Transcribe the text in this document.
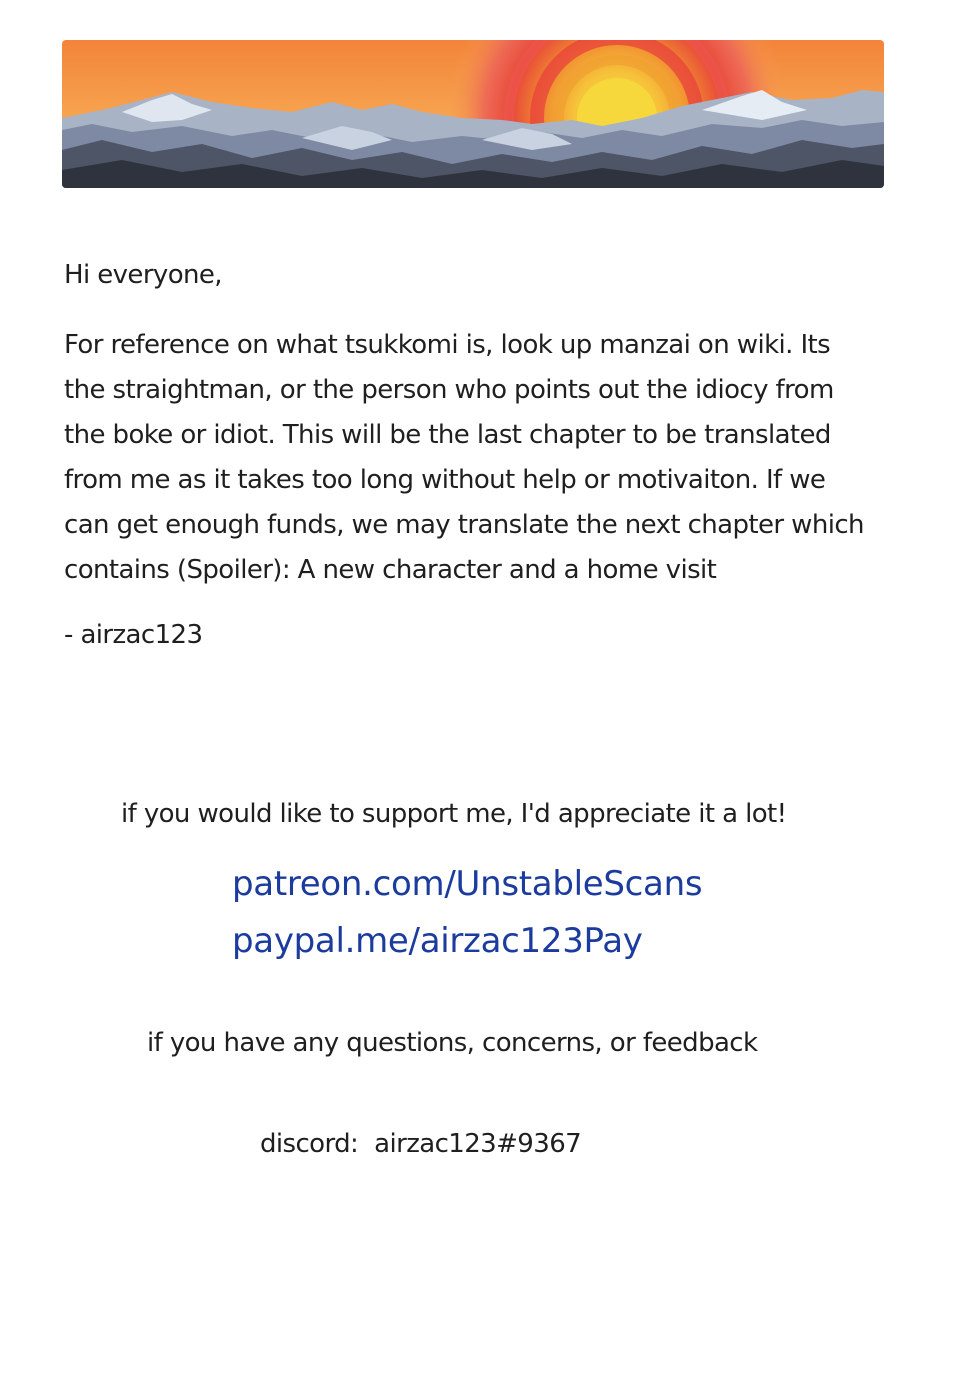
Hi everyone,

For reference on what tsukkomi is, look up manzai on wiki. Its the straightman, or the person who points out the idiocy from the boke or idiot. This will be the last chapter to be translated from me as it takes too long without help or motivaiton. If we can get enough funds, we may translate the next chapter which contains (Spoiler): A new character and a home visit

- airzac123

if you would like to support me, I'd appreciate it a lot!

patreon.com/UnstableScans
paypal.me/airzac123Pay

if you have any questions, concerns, or feedback

discord: airzac123#9367
